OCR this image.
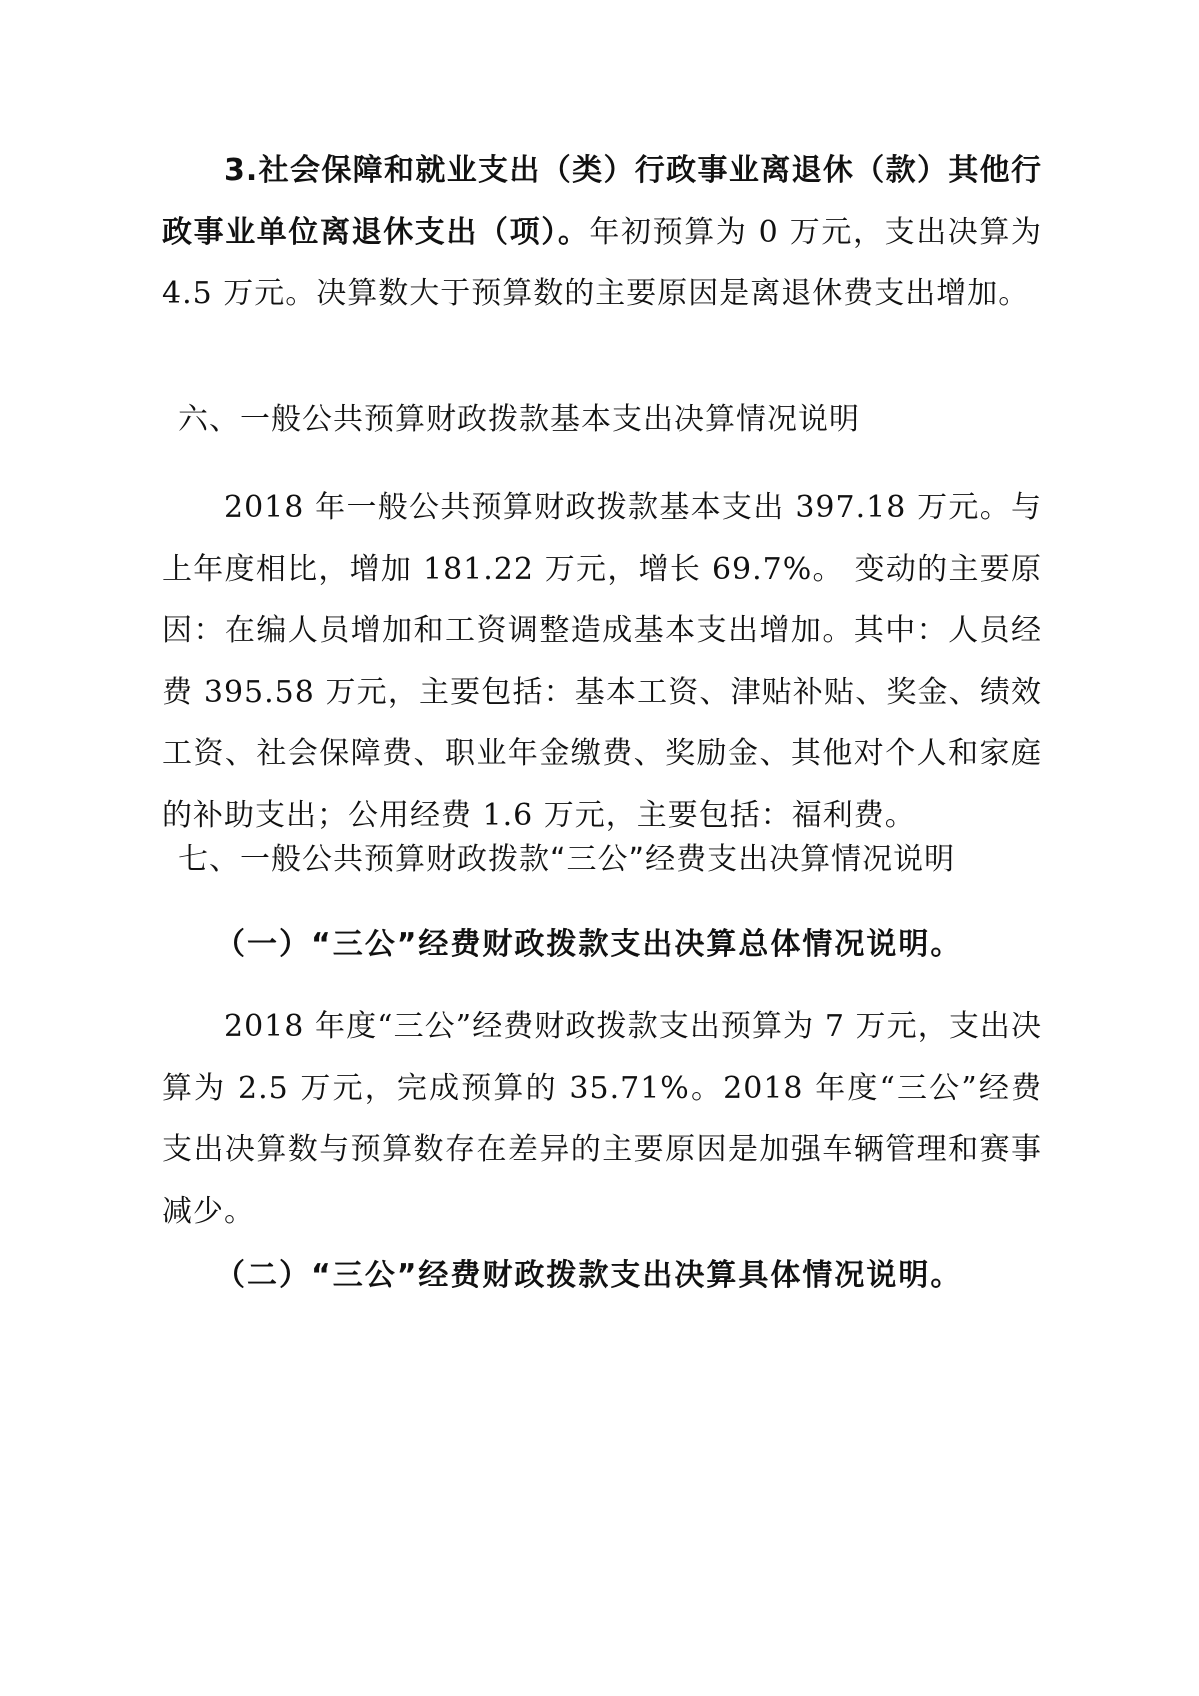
3.社会保障和就业支出（类）行政事业离退休（款）其他行政事业单位离退休支出（项）。年初预算为 0 万元，支出决算为 4.5 万元。决算数大于预算数的主要原因是离退休费支出增加。
六、一般公共预算财政拨款基本支出决算情况说明
2018 年一般公共预算财政拨款基本支出 397.18 万元。与上年度相比，增加 181.22 万元，增长 69.7%。 变动的主要原因：在编人员增加和工资调整造成基本支出增加。其中：人员经费 395.58 万元，主要包括：基本工资、津贴补贴、奖金、绩效工资、社会保障费、职业年金缴费、奖励金、其他对个人和家庭的补助支出；公用经费 1.6 万元，主要包括：福利费。
七、一般公共预算财政拨款“三公”经费支出决算情况说明
（一）“三公”经费财政拨款支出决算总体情况说明。
2018 年度“三公”经费财政拨款支出预算为 7 万元，支出决算为 2.5 万元，完成预算的 35.71%。2018 年度“三公”经费支出决算数与预算数存在差异的主要原因是加强车辆管理和赛事减少。
（二）“三公”经费财政拨款支出决算具体情况说明。
